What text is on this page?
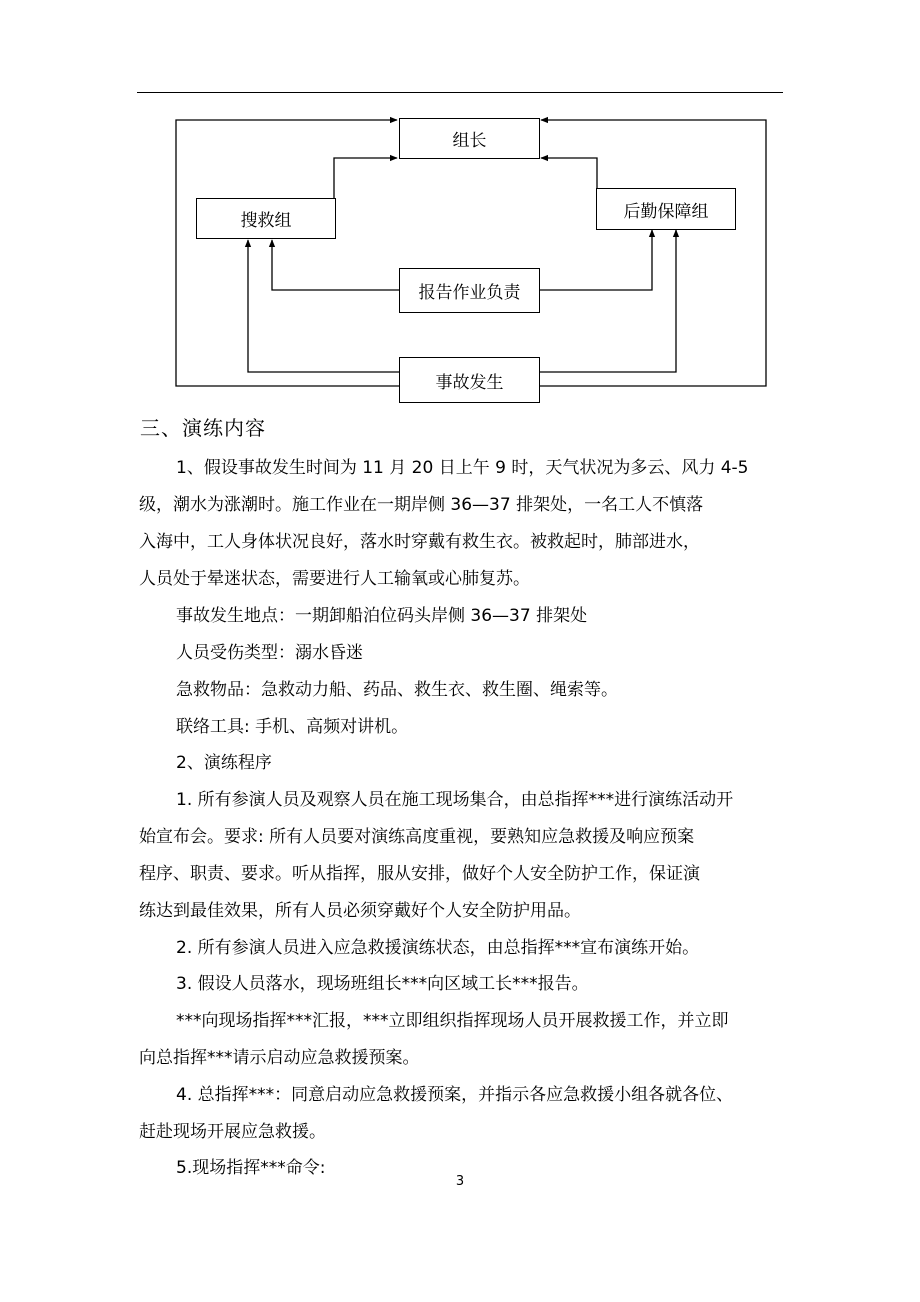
组长
搜救组	后勤保障组
报告作业负责
事故发生
三、演练内容
1、假设事故发生时间为 11 月 20 日上午 9 时，天气状况为多云、风力 4-5
级，潮水为涨潮时。施工作业在一期岸侧 36—37 排架处，一名工人不慎落
入海中，工人身体状况良好，落水时穿戴有救生衣。被救起时，肺部进水，
人员处于晕迷状态，需要进行人工输氧或心肺复苏。
事故发生地点：一期卸船泊位码头岸侧 36—37 排架处
人员受伤类型：溺水昏迷
急救物品：急救动力船、药品、救生衣、救生圈、绳索等。
联络工具: 手机、高频对讲机。
2、演练程序
1. 所有参演人员及观察人员在施工现场集合，由总指挥***进行演练活动开
始宣布会。要求: 所有人员要对演练高度重视，要熟知应急救援及响应预案
程序、职责、要求。听从指挥，服从安排，做好个人安全防护工作，保证演
练达到最佳效果，所有人员必须穿戴好个人安全防护用品。
2. 所有参演人员进入应急救援演练状态，由总指挥***宣布演练开始。
3. 假设人员落水，现场班组长***向区域工长***报告。
***向现场指挥***汇报，***立即组织指挥现场人员开展救援工作，并立即
向总指挥***请示启动应急救援预案。
4. 总指挥***：同意启动应急救援预案，并指示各应急救援小组各就各位、
赶赴现场开展应急救援。
5.现场指挥***命令:
3
